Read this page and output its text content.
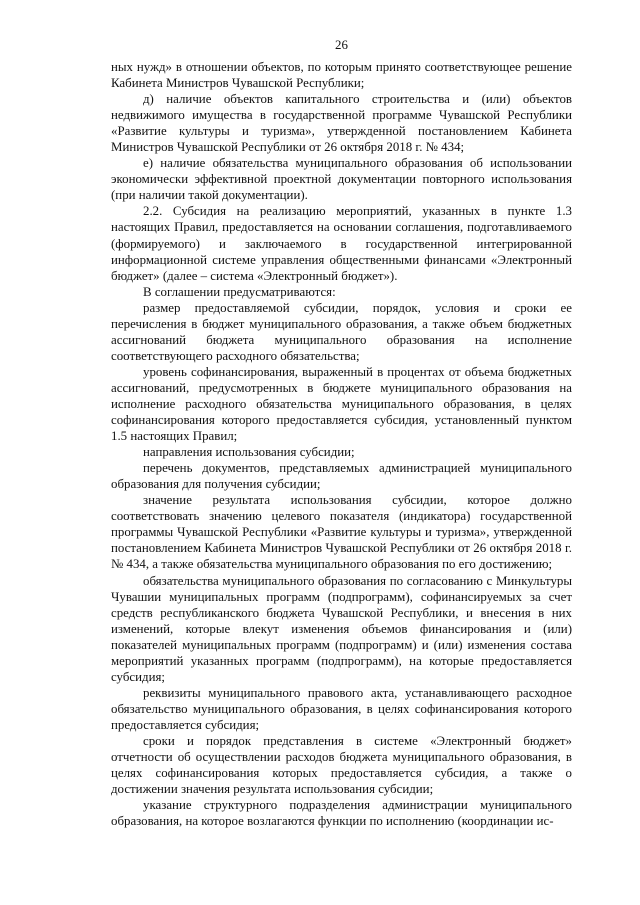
26

ных нужд» в отношении объектов, по которым принято соответствующее решение Кабинета Министров Чувашской Республики;

д) наличие объектов капитального строительства и (или) объектов недвижимого имущества в государственной программе Чувашской Республики «Развитие культуры и туризма», утвержденной постановлением Кабинета Министров Чувашской Республики от 26 октября 2018 г. № 434;

е) наличие обязательства муниципального образования об использовании экономически эффективной проектной документации повторного использования (при наличии такой документации).

2.2. Субсидия на реализацию мероприятий, указанных в пункте 1.3 настоящих Правил, предоставляется на основании соглашения, подготавливаемого (формируемого) и заключаемого в государственной интегрированной информационной системе управления общественными финансами «Электронный бюджет» (далее – система «Электронный бюджет»).

В соглашении предусматриваются:

размер предоставляемой субсидии, порядок, условия и сроки ее перечисления в бюджет муниципального образования, а также объем бюджетных ассигнований бюджета муниципального образования на исполнение соответствующего расходного обязательства;

уровень софинансирования, выраженный в процентах от объема бюджетных ассигнований, предусмотренных в бюджете муниципального образования на исполнение расходного обязательства муниципального образования, в целях софинансирования которого предоставляется субсидия, установленный пунктом 1.5 настоящих Правил;

направления использования субсидии;

перечень документов, представляемых администрацией муниципального образования для получения субсидии;

значение результата использования субсидии, которое должно соответствовать значению целевого показателя (индикатора) государственной программы Чувашской Республики «Развитие культуры и туризма», утвержденной постановлением Кабинета Министров Чувашской Республики от 26 октября 2018 г. № 434, а также обязательства муниципального образования по его достижению;

обязательства муниципального образования по согласованию с Минкультуры Чувашии муниципальных программ (подпрограмм), софинансируемых за счет средств республиканского бюджета Чувашской Республики, и внесения в них изменений, которые влекут изменения объемов финансирования и (или) показателей муниципальных программ (подпрограмм) и (или) изменения состава мероприятий указанных программ (подпрограмм), на которые предоставляется субсидия;

реквизиты муниципального правового акта, устанавливающего расходное обязательство муниципального образования, в целях софинансирования которого предоставляется субсидия;

сроки и порядок представления в системе «Электронный бюджет» отчетности об осуществлении расходов бюджета муниципального образования, в целях софинансирования которых предоставляется субсидия, а также о достижении значения результата использования субсидии;

указание структурного подразделения администрации муниципального образования, на которое возлагаются функции по исполнению (координации ис-
